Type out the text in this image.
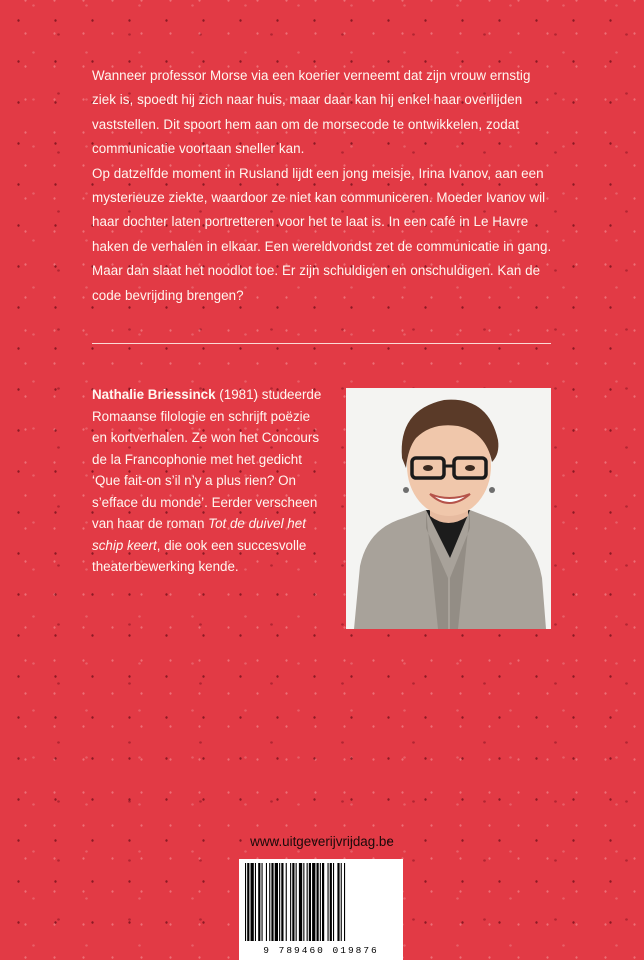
Wanneer professor Morse via een koerier verneemt dat zijn vrouw ernstig ziek is, spoedt hij zich naar huis, maar daar kan hij enkel haar overlijden vaststellen. Dit spoort hem aan om de morsecode te ontwikkelen, zodat communicatie voortaan sneller kan.

Op datzelfde moment in Rusland lijdt een jong meisje, Irina Ivanov, aan een mysterieuze ziekte, waardoor ze niet kan communiceren. Moeder Ivanov wil haar dochter laten portretteren voor het te laat is. In een café in Le Havre haken de verhalen in elkaar. Een wereldvondst zet de communicatie in gang. Maar dan slaat het noodlot toe. Er zijn schuldigen en onschuldigen. Kan de code bevrijding brengen?

Nathalie Briessinck (1981) studeerde Romaanse filologie en schrijft poëzie en kortverhalen. Ze won het Concours de la Francophonie met het gedicht ‘Que fait-on s’il n’y a plus rien? On s’efface du monde’. Eerder verscheen van haar de roman Tot de duivel het schip keert, die ook een succesvolle theaterbewerking kende.
www.uitgeverijvrijdag.be
9 789460 019876
